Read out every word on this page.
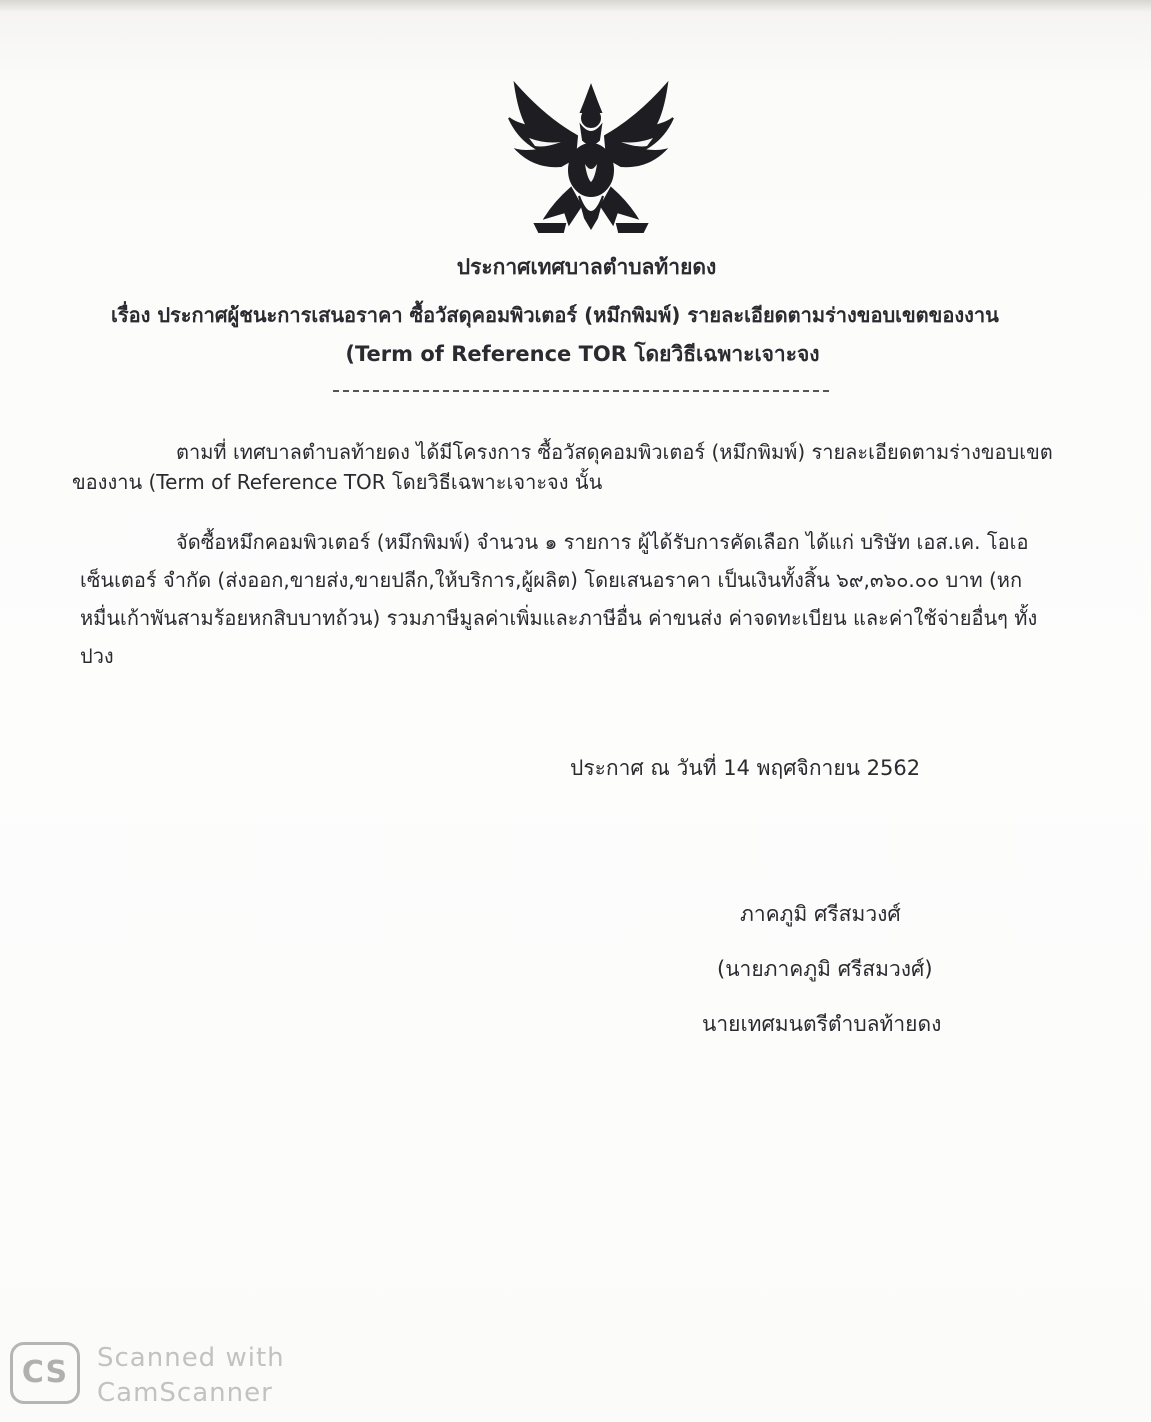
ประกาศเทศบาลตำบลท้ายดง
เรื่อง ประกาศผู้ชนะการเสนอราคา ซื้อวัสดุคอมพิวเตอร์ (หมึกพิมพ์) รายละเอียดตามร่างขอบเขตของงาน
(Term of Reference TOR โดยวิธีเฉพาะเจาะจง
ตามที่ เทศบาลตำบลท้ายดง ได้มีโครงการ ซื้อวัสดุคอมพิวเตอร์ (หมึกพิมพ์) รายละเอียดตามร่างขอบเขต
ของงาน (Term of Reference TOR โดยวิธีเฉพาะเจาะจง นั้น
จัดซื้อหมึกคอมพิวเตอร์ (หมึกพิมพ์) จำนวน ๑ รายการ ผู้ได้รับการคัดเลือก ได้แก่ บริษัท เอส.เค. โอเอ
เซ็นเตอร์ จำกัด (ส่งออก,ขายส่ง,ขายปลีก,ให้บริการ,ผู้ผลิต) โดยเสนอราคา เป็นเงินทั้งสิ้น ๖๙,๓๖๐.๐๐ บาท (หก
หมื่นเก้าพันสามร้อยหกสิบบาทถ้วน) รวมภาษีมูลค่าเพิ่มและภาษีอื่น ค่าขนส่ง ค่าจดทะเบียน และค่าใช้จ่ายอื่นๆ ทั้ง
ปวง
ประกาศ ณ วันที่ 14 พฤศจิกายน 2562
ภาคภูมิ ศรีสมวงศ์
(นายภาคภูมิ ศรีสมวงศ์)
นายเทศมนตรีตำบลท้ายดง
CS	Scanned with
CamScanner
